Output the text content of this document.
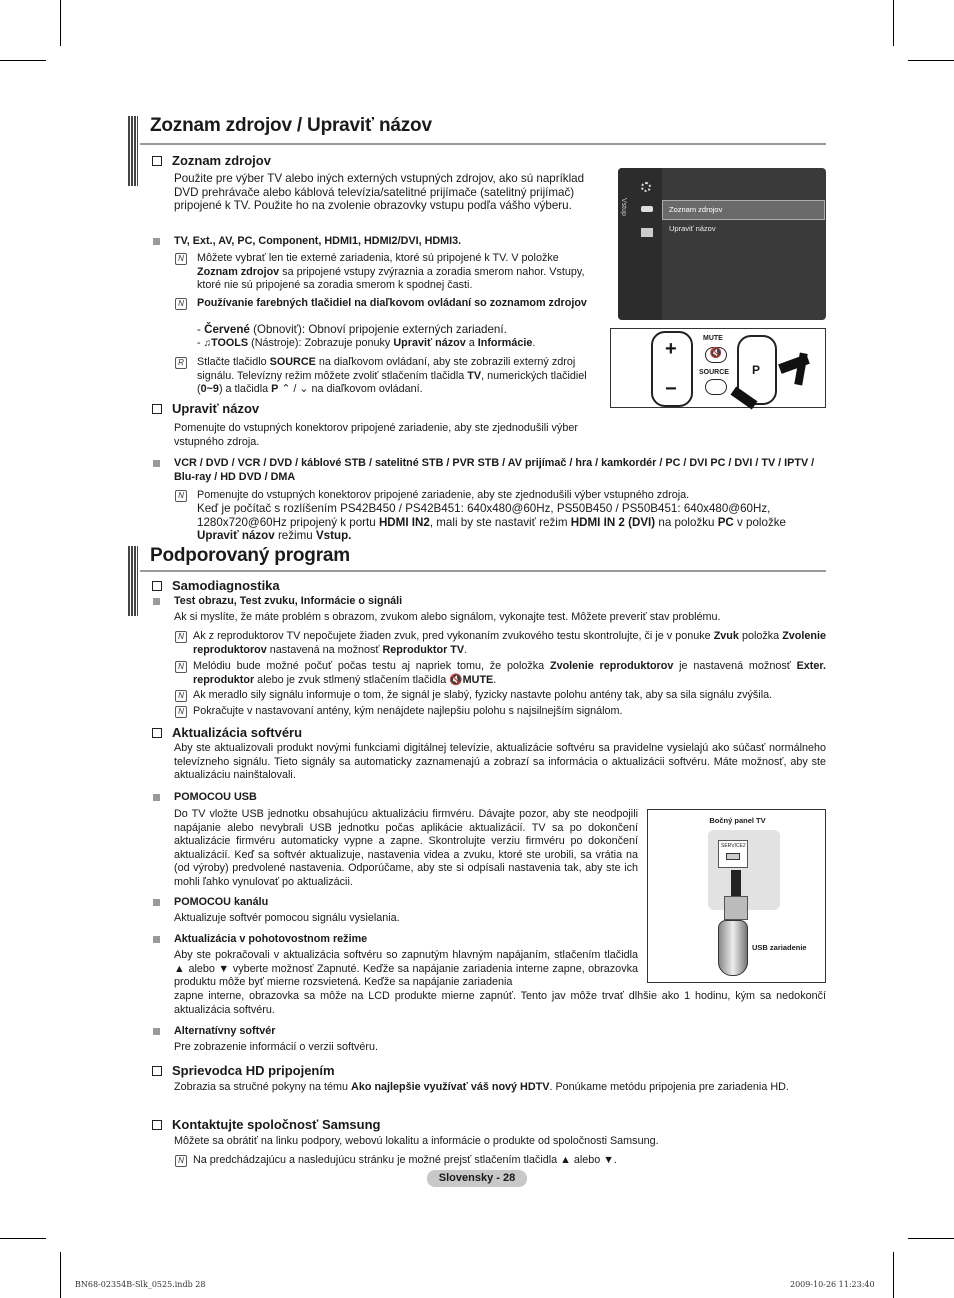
Zoznam zdrojov / Upraviť názov
Zoznam zdrojov
Použite pre výber TV alebo iných externých vstupných zdrojov, ako sú napríklad DVD prehrávače alebo káblová televízia/satelitné prijímače (satelitný prijímač) pripojené k TV. Použite ho na zvolenie obrazovky vstupu podľa vášho výberu.
TV, Ext., AV, PC, Component, HDMI1, HDMI2/DVI, HDMI3.
N Môžete vybrať len tie externé zariadenia, ktoré sú pripojené k TV. V položke Zoznam zdrojov sa pripojené vstupy zvýraznia a zoradia smerom nahor. Vstupy, ktoré nie sú pripojené sa zoradia smerom k spodnej časti.
N Používanie farebných tlačidiel na diaľkovom ovládaní so zoznamom zdrojov
- Červené (Obnoviť): Obnoví pripojenie externých zariadení.
- ♫TOOLS (Nástroje): Zobrazuje ponuky Upraviť názov a Informácie.
R Stlačte tlačidlo SOURCE na diaľkovom ovládaní, aby ste zobrazili externý zdroj signálu. Televízny režim môžete zvoliť stlačením tlačidla TV, numerických tlačidiel (0~9) a tlačidla P ⌃ / ⌄ na diaľkovom ovládaní.
Vstup	Zoznam zdrojov
Upraviť názov
+
−
MUTE
🔇
SOURCE P
Upraviť názov
Pomenujte do vstupných konektorov pripojené zariadenie, aby ste zjednodušili výber vstupného zdroja.
VCR / DVD / VCR / DVD / káblové STB / satelitné STB / PVR STB / AV prijímač / hra / kamkordér / PC / DVI PC / DVI / TV / IPTV / Blu-ray / HD DVD / DMA
N Pomenujte do vstupných konektorov pripojené zariadenie, aby ste zjednodušili výber vstupného zdroja.
Keď je počítač s rozlíšením PS42B450 / PS42B451: 640x480@60Hz, PS50B450 / PS50B451: 640x480@60Hz, 1280x720@60Hz pripojený k portu HDMI IN2, mali by ste nastaviť režim HDMI IN 2 (DVI) na položku PC v položke Upraviť názov režimu Vstup.
Podporovaný program
Samodiagnostika
Test obrazu, Test zvuku, Informácie o signáli
Ak si myslíte, že máte problém s obrazom, zvukom alebo signálom, vykonajte test. Môžete preveriť stav problému.
N Ak z reproduktorov TV nepočujete žiaden zvuk, pred vykonaním zvukového testu skontrolujte, či je v ponuke Zvuk položka Zvolenie reproduktorov nastavená na možnosť Reproduktor TV.
N Melódiu bude možné počuť počas testu aj napriek tomu, že položka Zvolenie reproduktorov je nastavená možnosť Exter. reproduktor alebo je zvuk stlmený stlačením tlačidla 🔇MUTE.
N Ak meradlo sily signálu informuje o tom, že signál je slabý, fyzicky nastavte polohu antény tak, aby sa sila signálu zvýšila.
N Pokračujte v nastavovaní antény, kým nenájdete najlepšiu polohu s najsilnejším signálom.
Aktualizácia softvéru
Aby ste aktualizovali produkt novými funkciami digitálnej televízie, aktualizácie softvéru sa pravidelne vysielajú ako súčasť normálneho televízneho signálu. Tieto signály sa automaticky zaznamenajú a zobrazí sa informácia o aktualizácii softvéru. Máte možnosť, aby ste aktualizáciu nainštalovali.
POMOCOU USB
Do TV vložte USB jednotku obsahujúcu aktualizáciu firmvéru. Dávajte pozor, aby ste neodpojili napájanie alebo nevybrali USB jednotku počas aplikácie aktualizácií. TV sa po dokončení aktualizácie firmvéru automaticky vypne a zapne. Skontrolujte verziu firmvéru po dokončení aktualizácií. Keď sa softvér aktualizuje, nastavenia videa a zvuku, ktoré ste urobili, sa vrátia na (od výroby) predvolené nastavenia. Odporúčame, aby ste si odpísali nastavenia tak, aby ste ich mohli ľahko vynulovať po aktualizácii.
POMOCOU kanálu
Aktualizuje softvér pomocou signálu vysielania.
Aktualizácia v pohotovostnom režime
Aby ste pokračovali v aktualizácia softvéru so zapnutým hlavným napájaním, stlačením tlačidla ▲ alebo ▼ vyberte možnosť Zapnuté. Keďže sa napájanie zariadenia interne zapne, obrazovka produktu môže byť mierne rozsvietená. Keďže sa napájanie zariadenia
zapne interne, obrazovka sa môže na LCD produkte mierne zapnúť. Tento jav môže trvať dlhšie ako 1 hodinu, kým sa nedokončí aktualizácia softvéru.
Bočný panel TV
SERVICE2
USB zariadenie
Alternatívny softvér
Pre zobrazenie informácií o verzii softvéru.
Sprievodca HD pripojením
Zobrazia sa stručné pokyny na tému Ako najlepšie využívať váš nový HDTV. Ponúkame metódu pripojenia pre zariadenia HD.
Kontaktujte spoločnosť Samsung
Môžete sa obrátiť na linku podpory, webovú lokalitu a informácie o produkte od spoločnosti Samsung.
N Na predchádzajúcu a nasledujúcu stránku je možné prejsť stlačením tlačidla ▲ alebo ▼.
Slovensky - 28
BN68-02354B-Slk_0525.indb 28	2009-10-26 11:23:40
